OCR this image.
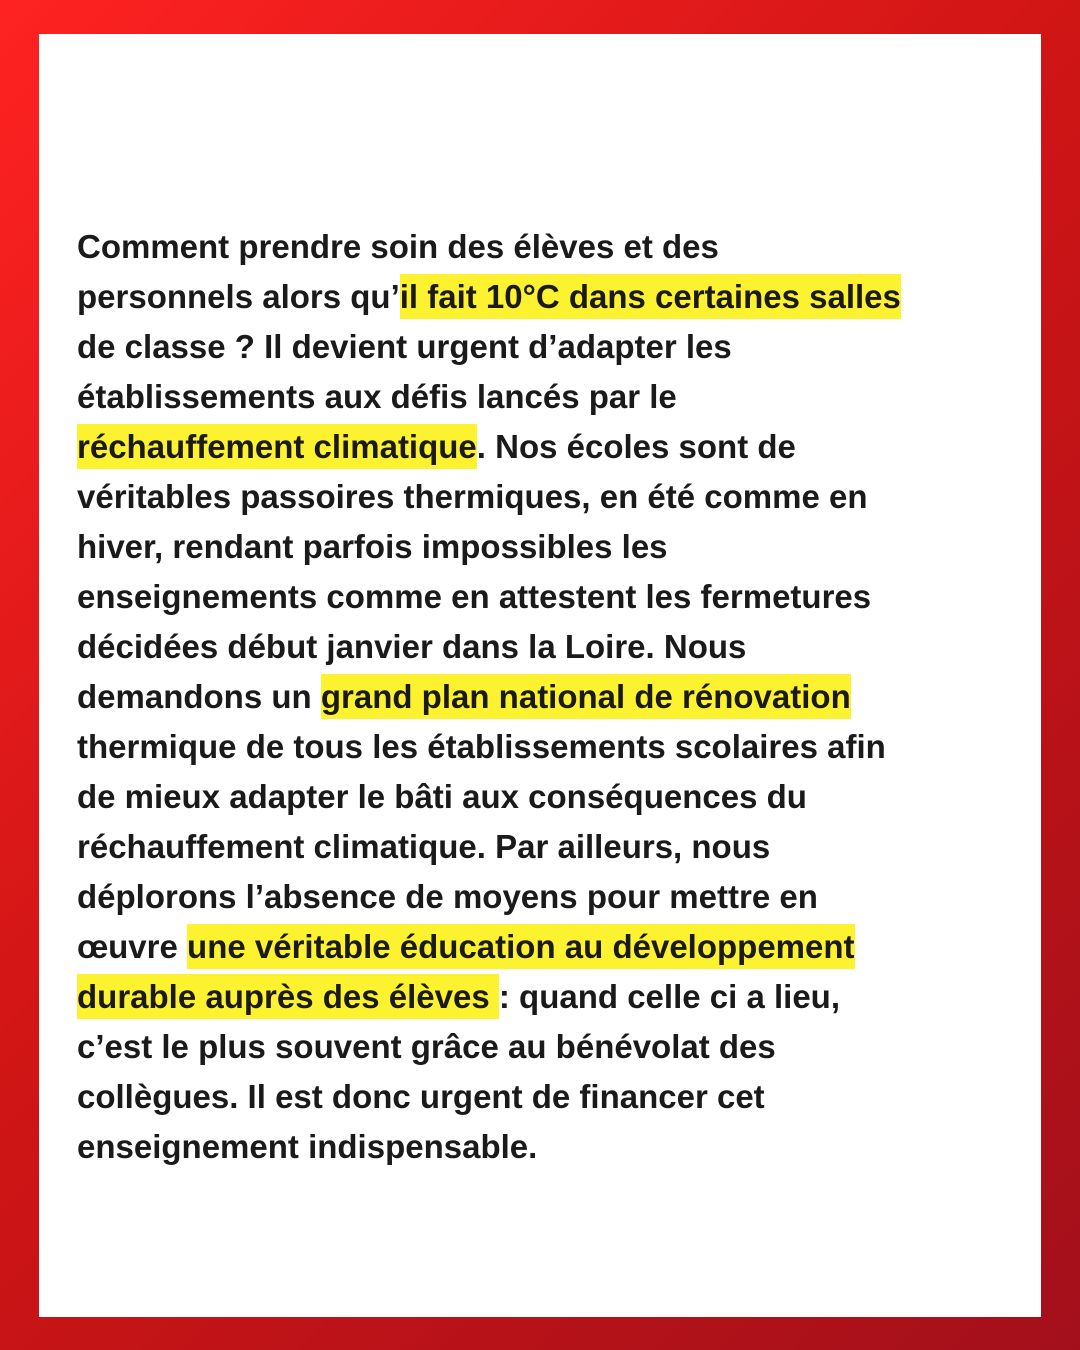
Comment prendre soin des élèves et des
personnels alors qu’il fait 10°C dans certaines salles
de classe ? Il devient urgent d’adapter les
établissements aux défis lancés par le
réchauffement climatique. Nos écoles sont de
véritables passoires thermiques, en été comme en
hiver, rendant parfois impossibles les
enseignements comme en attestent les fermetures
décidées début janvier dans la Loire. Nous
demandons un grand plan national de rénovation
thermique de tous les établissements scolaires afin
de mieux adapter le bâti aux conséquences du
réchauffement climatique. Par ailleurs, nous
déplorons l’absence de moyens pour mettre en
œuvre une véritable éducation au développement
durable auprès des élèves : quand celle ci a lieu,
c’est le plus souvent grâce au bénévolat des
collègues. Il est donc urgent de financer cet
enseignement indispensable.
